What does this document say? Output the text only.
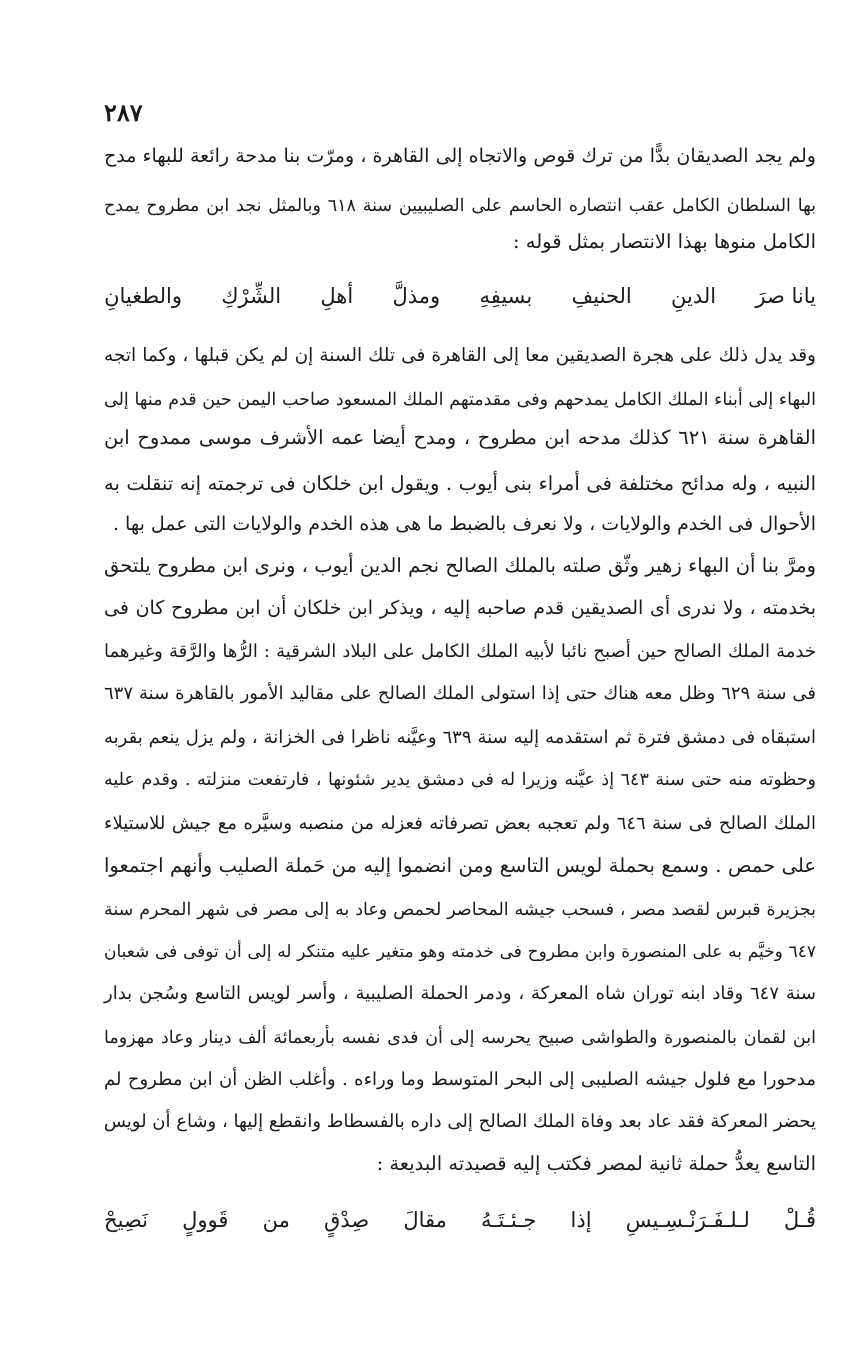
٢٨٧
ولم يجد الصديقان بدًّا من ترك قوص والاتجاه إلى القاهرة ، ومرّت بنا مدحة رائعة للبهاء مدح
بها السلطان الكامل عقب انتصاره الحاسم على الصليبيين سنة ٦١٨ وبالمثل نجد ابن مطروح يمدح
الكامل منوها بهذا الانتصار بمثل قوله :
يانا صرَ
الدينِ
الحنيفِ
بسيفِهِ
ومذلَّ
أهلِ
الشِّرْكِ
والطغيانِ
وقد يدل ذلك على هجرة الصديقين معا إلى القاهرة فى تلك السنة إن لم يكن قبلها ، وكما اتجه
البهاء إلى أبناء الملك الكامل يمدحهم وفى مقدمتهم الملك المسعود صاحب اليمن حين قدم منها إلى
القاهرة سنة ٦٢١ كذلك مدحه ابن مطروح ، ومدح أيضا عمه الأشرف موسى ممدوح ابن
النبيه ، وله مدائح مختلفة فى أمراء بنى أيوب . ويقول ابن خلكان فى ترجمته إنه تنقلت به
الأحوال فى الخدم والولايات ، ولا نعرف بالضبط ما هى هذه الخدم والولايات التى عمل بها .
ومرَّ بنا أن البهاء زهير وثّق صلته بالملك الصالح نجم الدين أيوب ، ونرى ابن مطروح يلتحق
بخدمته ، ولا ندرى أى الصديقين قدم صاحبه إليه ، ويذكر ابن خلكان أن ابن مطروح كان فى
خدمة الملك الصالح حين أصبح نائبا لأبيه الملك الكامل على البلاد الشرقية : الرُّها والرَّقة وغيرهما
فى سنة ٦٢٩ وظل معه هناك حتى إذا استولى الملك الصالح على مقاليد الأمور بالقاهرة سنة ٦٣٧
استبقاه فى دمشق فترة ثم استقدمه إليه سنة ٦٣٩ وعيَّنه ناظرا فى الخزانة ، ولم يزل ينعم بقربه
وحظوته منه حتى سنة ٦٤٣ إذ عيَّنه وزيرا له فى دمشق يدير شئونها ، فارتفعت منزلته . وقدم عليه
الملك الصالح فى سنة ٦٤٦ ولم تعجبه بعض تصرفاته فعزله من منصبه وسيَّره مع جيش للاستيلاء
على حمص . وسمع بحملة لويس التاسع ومن انضموا إليه من حَملة الصليب وأنهم اجتمعوا
بجزيرة قبرس لقصد مصر ، فسحب جيشه المحاصر لحمص وعاد به إلى مصر فى شهر المحرم سنة
٦٤٧ وخيَّم به على المنصورة وابن مطروح فى خدمته وهو متغير عليه متنكر له إلى أن توفى فى شعبان
سنة ٦٤٧ وقاد ابنه توران شاه المعركة ، ودمر الحملة الصليبية ، وأسر لويس التاسع وسُجن بدار
ابن لقمان بالمنصورة والطواشى صبيح يحرسه إلى أن فدى نفسه بأربعمائة ألف دينار وعاد مهزوما
مدحورا مع فلول جيشه الصليبى إلى البحر المتوسط وما وراءه . وأغلب الظن أن ابن مطروح لم
يحضر المعركة فقد عاد بعد وفاة الملك الصالح إلى داره بالفسطاط وانقطع إليها ، وشاع أن لويس
التاسع يعدُّ حملة ثانية لمصر فكتب إليه قصيدته البديعة :
قُـلْ
لـلـفَـرَنْـسِـيسِ
إذا
جـئـتَـهُ
مقالَ
صِدْقٍ
من
قَوولٍ
نَصِيحْ
